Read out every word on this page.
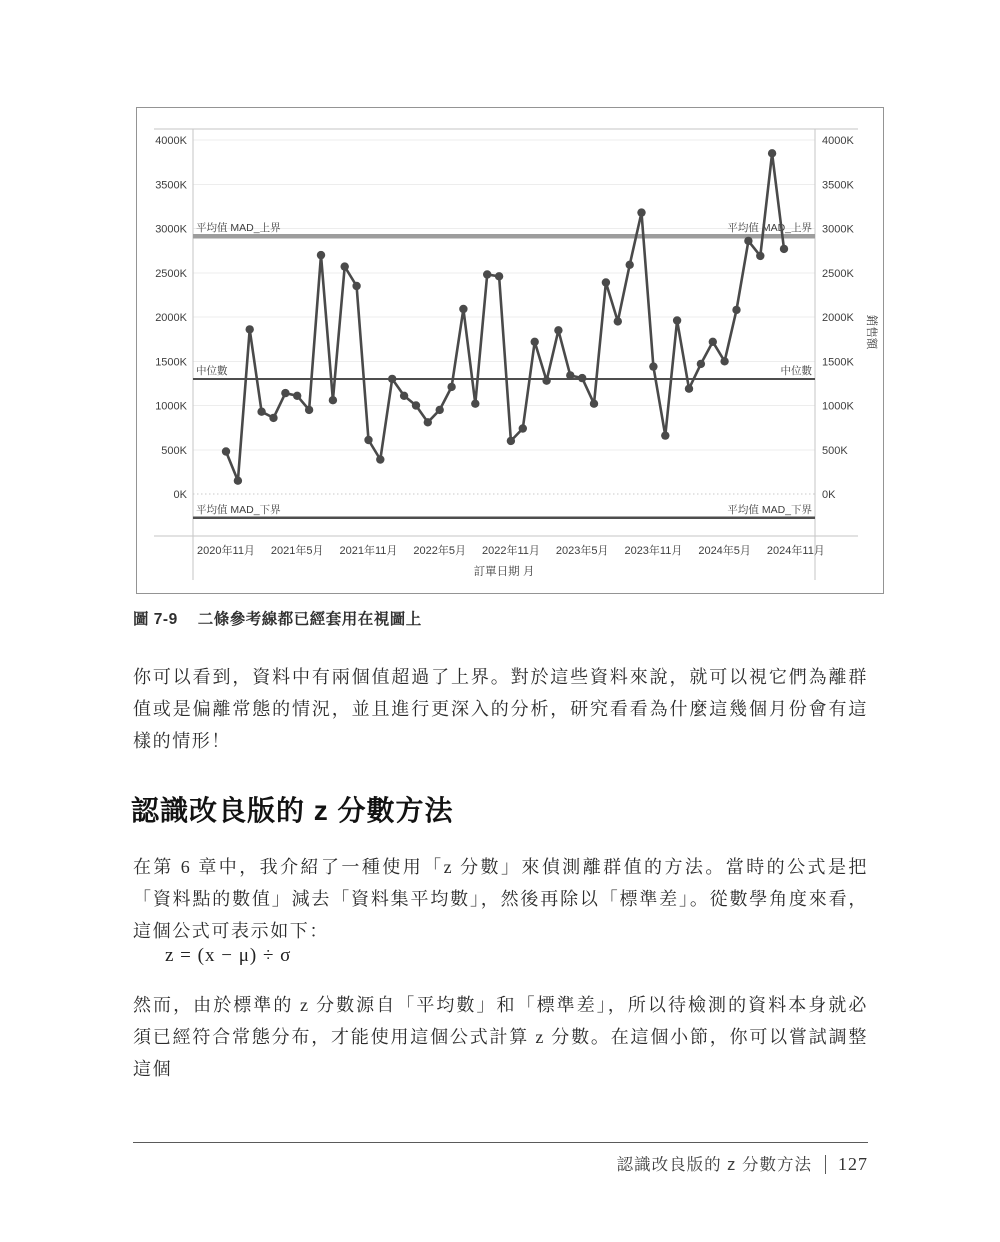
平均值 MAD_上界	平均值 MAD_上界
中位數	中位數
平均值 MAD_下界	平均值 MAD_下界
0K	0K
500K	500K
1000K	1000K
1500K	1500K
2000K	2000K
2500K	2500K
3000K	3000K
3500K	3500K
4000K	4000K
2020年11月 2021年5月 2021年11月 2022年5月 2022年11月 2023年5月 2023年11月 2024年5月 2024年11月
訂單日期 月
銷售額
圖 7-9 二條參考線都已經套用在視圖上

你可以看到，資料中有兩個值超過了上界。對於這些資料來說，就可以視它們為離群值或是偏離常態的情況，並且進行更深入的分析，研究看看為什麼這幾個月份會有這樣的情形！

認識改良版的 z 分數方法

在第 6 章中，我介紹了一種使用「z 分數」來偵測離群值的方法。當時的公式是把「資料點的數值」減去「資料集平均數」，然後再除以「標準差」。從數學角度來看，這個公式可表示如下：

z = (x − μ) ÷ σ

然而，由於標準的 z 分數源自「平均數」和「標準差」，所以待檢測的資料本身就必須已經符合常態分布，才能使用這個公式計算 z 分數。在這個小節，你可以嘗試調整這個

認識改良版的 z 分數方法 127
